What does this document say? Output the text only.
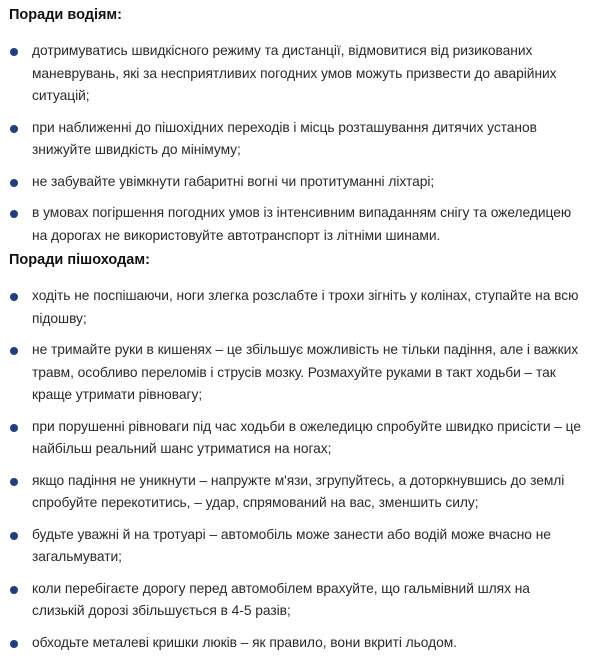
Поради водіям:
дотримуватись швидкісного режиму та дистанції, відмовитися від ризикованих маневрувань, які за несприятливих погодних умов можуть призвести до аварійних ситуацій;
при наближенні до пішохідних переходів і місць розташування дитячих установ знижуйте швидкість до мінімуму;
не забувайте увімкнути габаритні вогні чи протитуманні ліхтарі;
в умовах погіршення погодних умов із інтенсивним випаданням снігу та ожеледицею на дорогах не використовуйте автотранспорт із літніми шинами.
Поради пішоходам:
ходіть не поспішаючи, ноги злегка розслабте і трохи зігніть у колінах, ступайте на всю підошву;
не тримайте руки в кишенях – це збільшує можливість не тільки падіння, але і важких травм, особливо переломів і струсів мозку. Розмахуйте руками в такт ходьби – так краще утримати рівновагу;
при порушенні рівноваги під час ходьби в ожеледицю спробуйте швидко присісти – це найбільш реальний шанс утриматися на ногах;
якщо падіння не уникнути – напружте м'язи, згрупуйтесь, а доторкнувшись до землі спробуйте перекотитись, – удар, спрямований на вас, зменшить силу;
будьте уважні й на тротуарі – автомобіль може занести або водій може вчасно не загальмувати;
коли перебігаєте дорогу перед автомобілем врахуйте, що гальмівний шлях на слизькій дорозі збільшується в 4-5 разів;
обходьте металеві кришки люків – як правило, вони вкриті льодом.
